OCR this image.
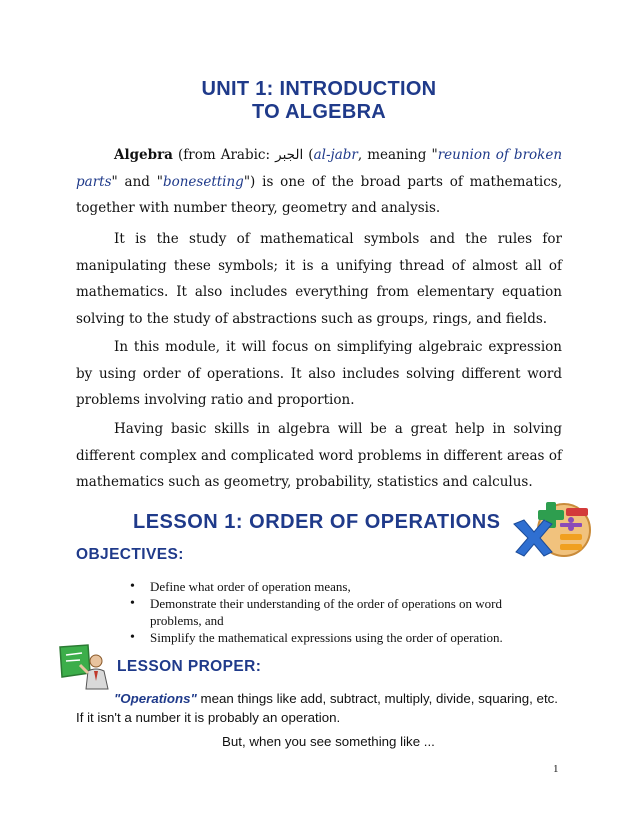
UNIT 1: INTRODUCTION
TO ALGEBRA

Algebra (from Arabic: الجبر (al-jabr, meaning "reunion of broken parts" and "bonesetting") is one of the broad parts of mathematics, together with number theory, geometry and analysis.

It is the study of mathematical symbols and the rules for manipulating these symbols; it is a unifying thread of almost all of mathematics. It also includes everything from elementary equation solving to the study of abstractions such as groups, rings, and fields.

In this module, it will focus on simplifying algebraic expression by using order of operations. It also includes solving different word problems involving ratio and proportion.

Having basic skills in algebra will be a great help in solving different complex and complicated word problems in different areas of mathematics such as geometry, probability, statistics and calculus.

LESSON 1: ORDER OF OPERATIONS
OBJECTIVES:
• Define what order of operation means,
• Demonstrate their understanding of the order of operations on word problems, and
• Simplify the mathematical expressions using the order of operation.
LESSON PROPER:

"Operations" mean things like add, subtract, multiply, divide, squaring, etc. If it isn't a number it is probably an operation.

But, when you see something like ...
1
